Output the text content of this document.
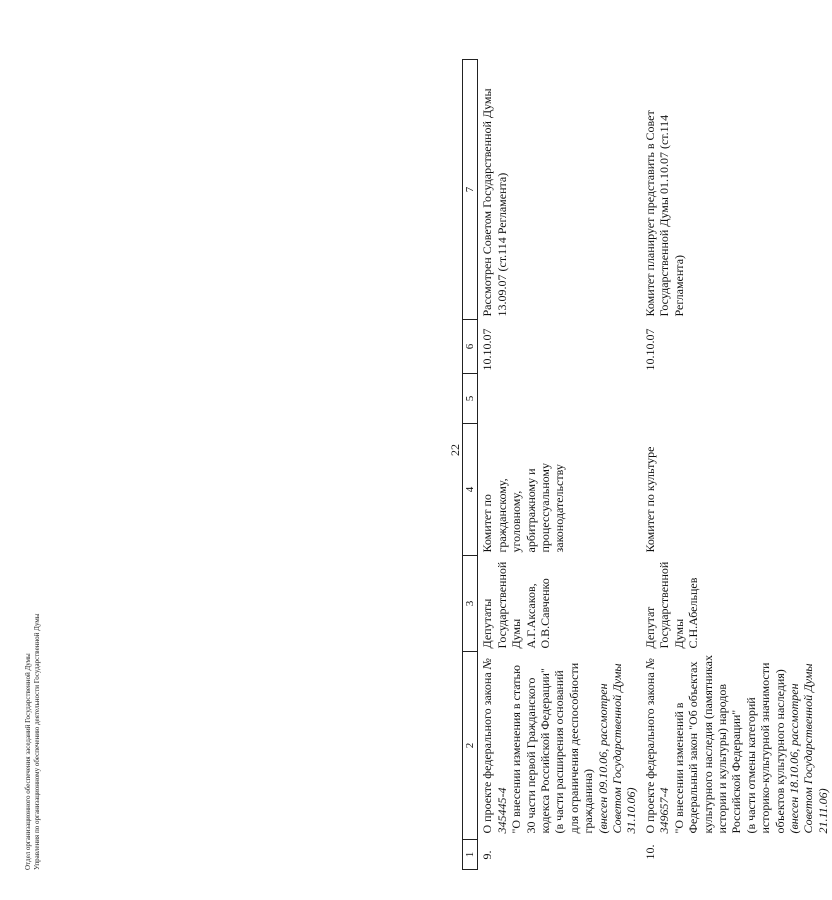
22
1	2	3	4	5	6	7
9.	О проекте федерального закона № 345445-4 "О внесении изменения в статью 30 части первой Гражданского кодекса Российской Федерации" (в части расширения оснований для ограничения дееспособности гражданина) (внесен 09.10.06, рассмотрен Советом Государственной Думы 31.10.06)	Депутаты Государственной Думы А.Г.Аксаков, О.В.Савченко	Комитет по гражданскому, уголовному, арбитражному и процессуальному законодательству		10.10.07	Рассмотрен Советом Государственной Думы 13.09.07 (ст.114 Регламента)
10.	О проекте федерального закона № 349657-4 "О внесении изменений в Федеральный закон "Об объектах культурного наследия (памятниках истории и культуры) народов Российской Федерации" (в части отмены категорий историко-культурной значимости объектов культурного наследия) (внесен 18.10.06, рассмотрен Советом Государственной Думы 21.11.06)	Депутат Государственной Думы С.Н.Абельцев	Комитет по культуре		10.10.07	Комитет планирует представить в Совет Государственной Думы 01.10.07 (ст.114 Регламента)
Отдел организационного обеспечения заседаний Государственной Думы Управления по организационному обеспечению деятельности Государственной Думы
